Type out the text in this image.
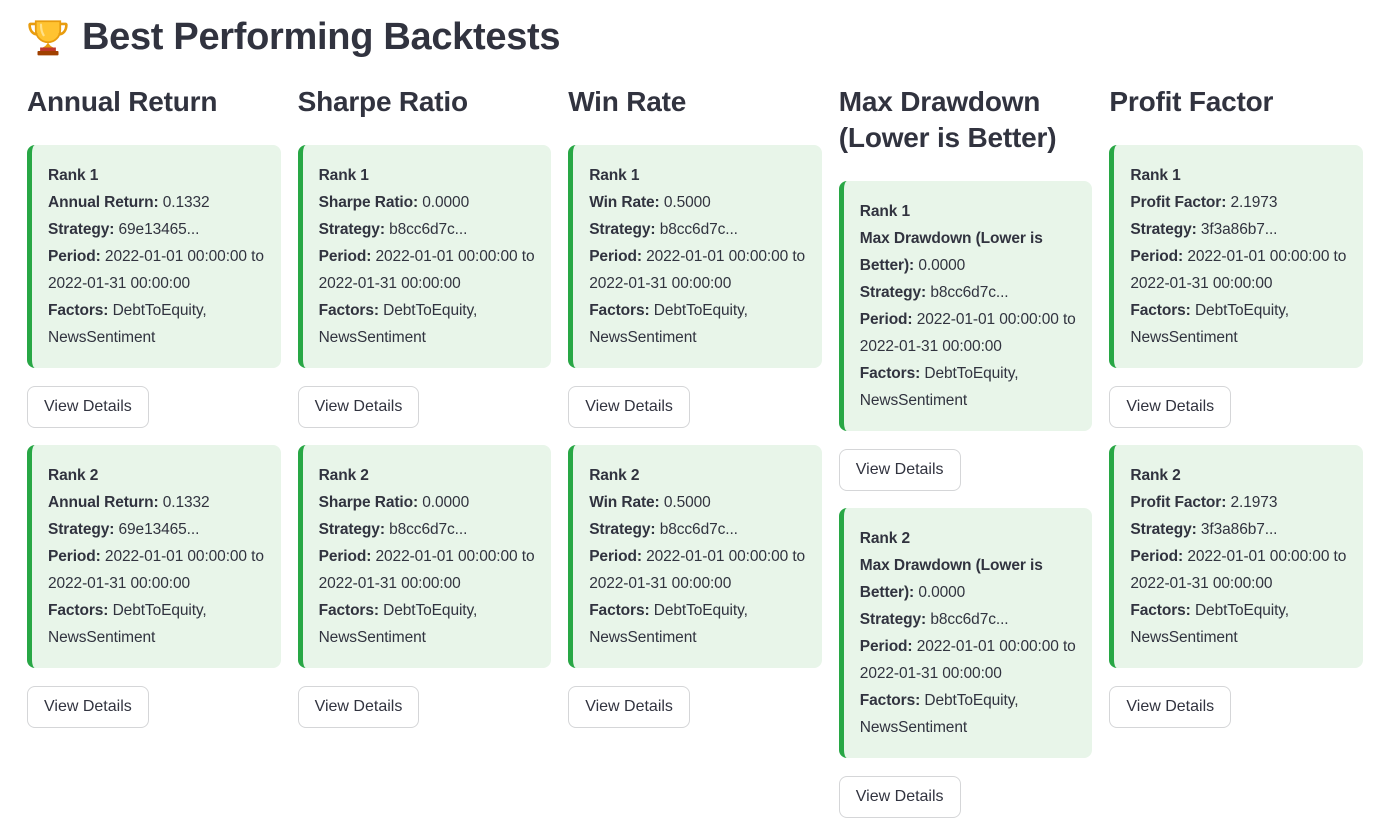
Best Performing Backtests
Annual Return
Rank 1
Annual Return: 0.1332
Strategy: 69e13465...
Period: 2022-01-01 00:00:00 to 2022-01-31 00:00:00
Factors: DebtToEquity, NewsSentiment
View Details
Rank 2
Annual Return: 0.1332
Strategy: 69e13465...
Period: 2022-01-01 00:00:00 to 2022-01-31 00:00:00
Factors: DebtToEquity, NewsSentiment
View Details
Sharpe Ratio
Rank 1
Sharpe Ratio: 0.0000
Strategy: b8cc6d7c...
Period: 2022-01-01 00:00:00 to 2022-01-31 00:00:00
Factors: DebtToEquity, NewsSentiment
View Details
Rank 2
Sharpe Ratio: 0.0000
Strategy: b8cc6d7c...
Period: 2022-01-01 00:00:00 to 2022-01-31 00:00:00
Factors: DebtToEquity, NewsSentiment
View Details
Win Rate
Rank 1
Win Rate: 0.5000
Strategy: b8cc6d7c...
Period: 2022-01-01 00:00:00 to 2022-01-31 00:00:00
Factors: DebtToEquity, NewsSentiment
View Details
Rank 2
Win Rate: 0.5000
Strategy: b8cc6d7c...
Period: 2022-01-01 00:00:00 to 2022-01-31 00:00:00
Factors: DebtToEquity, NewsSentiment
View Details
Max Drawdown (Lower is Better)
Rank 1
Max Drawdown (Lower is Better): 0.0000
Strategy: b8cc6d7c...
Period: 2022-01-01 00:00:00 to 2022-01-31 00:00:00
Factors: DebtToEquity, NewsSentiment
View Details
Rank 2
Max Drawdown (Lower is Better): 0.0000
Strategy: b8cc6d7c...
Period: 2022-01-01 00:00:00 to 2022-01-31 00:00:00
Factors: DebtToEquity, NewsSentiment
View Details
Profit Factor
Rank 1
Profit Factor: 2.1973
Strategy: 3f3a86b7...
Period: 2022-01-01 00:00:00 to 2022-01-31 00:00:00
Factors: DebtToEquity, NewsSentiment
View Details
Rank 2
Profit Factor: 2.1973
Strategy: 3f3a86b7...
Period: 2022-01-01 00:00:00 to 2022-01-31 00:00:00
Factors: DebtToEquity, NewsSentiment
View Details
